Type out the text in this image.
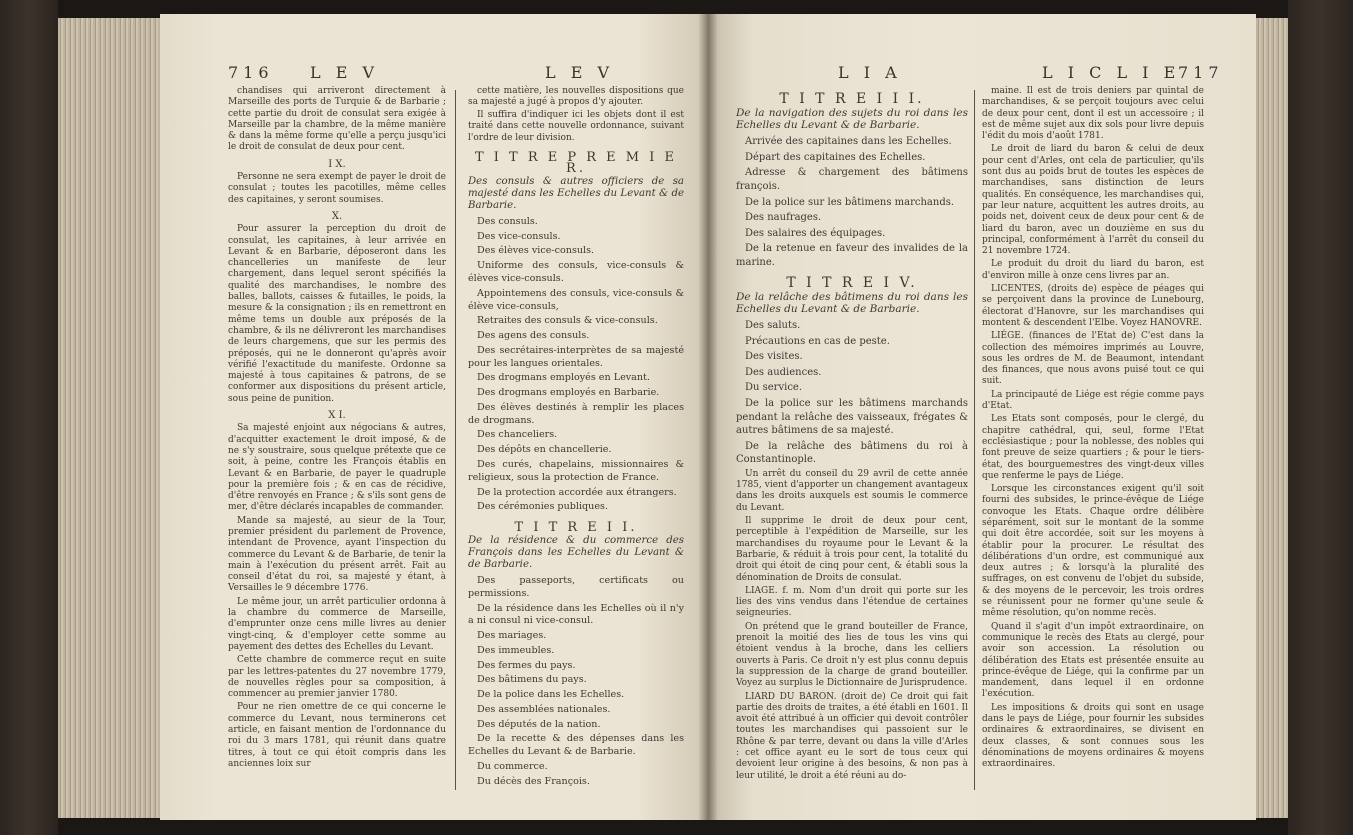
716 L E V	L E V

chandises qui arriveront directement à Marseille des ports de Turquie & de Barbarie ; cette partie du droit de consulat sera exigée à Marseille par la chambre, de la même manière & dans la même forme qu'elle a perçu jusqu'ici le droit de consulat de deux pour cent.

I X.

Personne ne sera exempt de payer le droit de consulat ; toutes les pacotilles, même celles des capitaines, y seront soumises.

X.

Pour assurer la perception du droit de consulat, les capitaines, à leur arrivée en Levant & en Barbarie, déposeront dans les chancelleries un manifeste de leur chargement, dans lequel seront spécifiés la qualité des marchandises, le nombre des balles, ballots, caisses & futailles, le poids, la mesure & la consignation ; ils en remettront en même tems un double aux préposés de la chambre, & ils ne délivreront les marchandises de leurs chargemens, que sur les permis des préposés, qui ne le donneront qu'après avoir vérifié l'exactitude du manifeste. Ordonne sa majesté à tous capitaines & patrons, de se conformer aux dispositions du présent article, sous peine de punition.

X I.

Sa majesté enjoint aux négocians & autres, d'acquitter exactement le droit imposé, & de ne s'y soustraire, sous quelque prétexte que ce soit, à peine, contre les François établis en Levant & en Barbarie, de payer le quadruple pour la première fois ; & en cas de récidive, d'être renvoyés en France ; & s'ils sont gens de mer, d'être déclarés incapables de commander.

Mande sa majesté, au sieur de la Tour, premier président du parlement de Provence, intendant de Provence, ayant l'inspection du commerce du Levant & de Barbarie, de tenir la main à l'exécution du présent arrêt. Fait au conseil d'état du roi, sa majesté y étant, à Versailles le 9 décembre 1776.

Le même jour, un arrêt particulier ordonna à la chambre du commerce de Marseille, d'emprunter onze cens mille livres au denier vingt-cinq, & d'employer cette somme au payement des dettes des Echelles du Levant.

Cette chambre de commerce reçut en suite par les lettres-patentes du 27 novembre 1779, de nouvelles règles pour sa composition, à commencer au premier janvier 1780.

Pour ne rien omettre de ce qui concerne le commerce du Levant, nous terminerons cet article, en faisant mention de l'ordonnance du roi du 3 mars 1781, qui réunit dans quatre titres, à tout ce qui étoit compris dans les anciennes loix sur

cette matière, les nouvelles dispositions que sa majesté a jugé à propos d'y ajouter.

Il suffira d'indiquer ici les objets dont il est traité dans cette nouvelle ordonnance, suivant l'ordre de leur division.

T I T R E P R E M I E R.

Des consuls & autres officiers de sa majesté dans les Echelles du Levant & de Barbarie.

Des consuls.

Des vice-consuls.

Des élèves vice-consuls.

Uniforme des consuls, vice-consuls & élèves vice-consuls.

Appointemens des consuls, vice-consuls & élève vice-consuls,

Retraites des consuls & vice-consuls.

Des agens des consuls.

Des secrétaires-interprètes de sa majesté pour les langues orientales.

Des drogmans employés en Levant.

Des drogmans employés en Barbarie.

Des élèves destinés à remplir les places de drogmans.

Des chanceliers.

Des dépôts en chancellerie.

Des curés, chapelains, missionnaires & religieux, sous la protection de France.

De la protection accordée aux étrangers.

Des cérémonies publiques.

T I T R E I I.

De la résidence & du commerce des François dans les Echelles du Levant & de Barbarie.

Des passeports, certificats ou permissions.

De la résidence dans les Echelles où il n'y a ni consul ni vice-consul.

Des mariages.

Des immeubles.

Des fermes du pays.

Des bâtimens du pays.

De la police dans les Echelles.

Des assemblées nationales.

Des députés de la nation.

De la recette & des dépenses dans les Echelles du Levant & de Barbarie.

Du commerce.

Du décès des François.

L I A	L I C L I E
717

T I T R E I I I.

De la navigation des sujets du roi dans les Echelles du Levant & de Barbarie.

Arrivée des capitaines dans les Echelles.

Départ des capitaines des Echelles.

Adresse & chargement des bâtimens françois.

De la police sur les bâtimens marchands.

Des naufrages.

Des salaires des équipages.

De la retenue en faveur des invalides de la marine.

T I T R E I V.

De la relâche des bâtimens du roi dans les Echelles du Levant & de Barbarie.

Des saluts.

Précautions en cas de peste.

Des visites.

Des audiences.

Du service.

De la police sur les bâtimens marchands pendant la relâche des vaisseaux, frégates & autres bâtimens de sa majesté.

De la relâche des bâtimens du roi à Constantinople.

Un arrêt du conseil du 29 avril de cette année 1785, vient d'apporter un changement avantageux dans les droits auxquels est soumis le commerce du Levant.

Il supprime le droit de deux pour cent, perceptible à l'expédition de Marseille, sur les marchandises du royaume pour le Levant & la Barbarie, & réduit à trois pour cent, la totalité du droit qui étoit de cinq pour cent, & établi sous la dénomination de Droits de consulat.

LIAGE. f. m. Nom d'un droit qui porte sur les lies des vins vendus dans l'étendue de certaines seigneuries.

On prétend que le grand bouteiller de France, prenoit la moitié des lies de tous les vins qui étoient vendus à la broche, dans les celliers ouverts à Paris. Ce droit n'y est plus connu depuis la suppression de la charge de grand bouteiller. Voyez au surplus le Dictionnaire de Jurisprudence.

LIARD DU BARON. (droit de) Ce droit qui fait partie des droits de traites, a été établi en 1601. Il avoit été attribué à un officier qui devoit contrôler toutes les marchandises qui passoient sur le Rhône & par terre, devant ou dans la ville d'Arles : cet office ayant eu le sort de tous ceux qui devoient leur origine à des besoins, & non pas à leur utilité, le droit a été réuni au do-

maine. Il est de trois deniers par quintal de marchandises, & se perçoit toujours avec celui de deux pour cent, dont il est un accessoire ; il est de même sujet aux dix sols pour livre depuis l'édit du mois d'août 1781.

Le droit de liard du baron & celui de deux pour cent d'Arles, ont cela de particulier, qu'ils sont dus au poids brut de toutes les espèces de marchandises, sans distinction de leurs qualités. En conséquence, les marchandises qui, par leur nature, acquittent les autres droits, au poids net, doivent ceux de deux pour cent & de liard du baron, avec un douzième en sus du principal, conformément à l'arrêt du conseil du 21 novembre 1724.

Le produit du droit du liard du baron, est d'environ mille à onze cens livres par an.

LICENTES, (droits de) espèce de péages qui se perçoivent dans la province de Lunebourg, électorat d'Hanovre, sur les marchandises qui montent & descendent l'Elbe. Voyez HANOVRE.

LIÉGE. (finances de l'Etat de) C'est dans la collection des mémoires imprimés au Louvre, sous les ordres de M. de Beaumont, intendant des finances, que nous avons puisé tout ce qui suit.

La principauté de Liége est régie comme pays d'Etat.

Les Etats sont composés, pour le clergé, du chapitre cathédral, qui, seul, forme l'Etat ecclésiastique ; pour la noblesse, des nobles qui font preuve de seize quartiers ; & pour le tiers-état, des bourguemestres des vingt-deux villes que renferme le pays de Liége.

Lorsque les circonstances exigent qu'il soit fourni des subsides, le prince-évêque de Liége convoque les Etats. Chaque ordre délibère séparément, soit sur le montant de la somme qui doit être accordée, soit sur les moyens à établir pour la procurer. Le résultat des délibérations d'un ordre, est communiqué aux deux autres ; & lorsqu'à la pluralité des suffrages, on est convenu de l'objet du subside, & des moyens de le percevoir, les trois ordres se réunissent pour ne former qu'une seule & même résolution, qu'on nomme recès.

Quand il s'agit d'un impôt extraordinaire, on communique le recès des Etats au clergé, pour avoir son accession. La résolution ou délibération des Etats est présentée ensuite au prince-évêque de Liége, qui la confirme par un mandement, dans lequel il en ordonne l'exécution.

Les impositions & droits qui sont en usage dans le pays de Liége, pour fournir les subsides ordinaires & extraordinaires, se divisent en deux classes, & sont connues sous les dénominations de moyens ordinaires & moyens extraordinaires.
